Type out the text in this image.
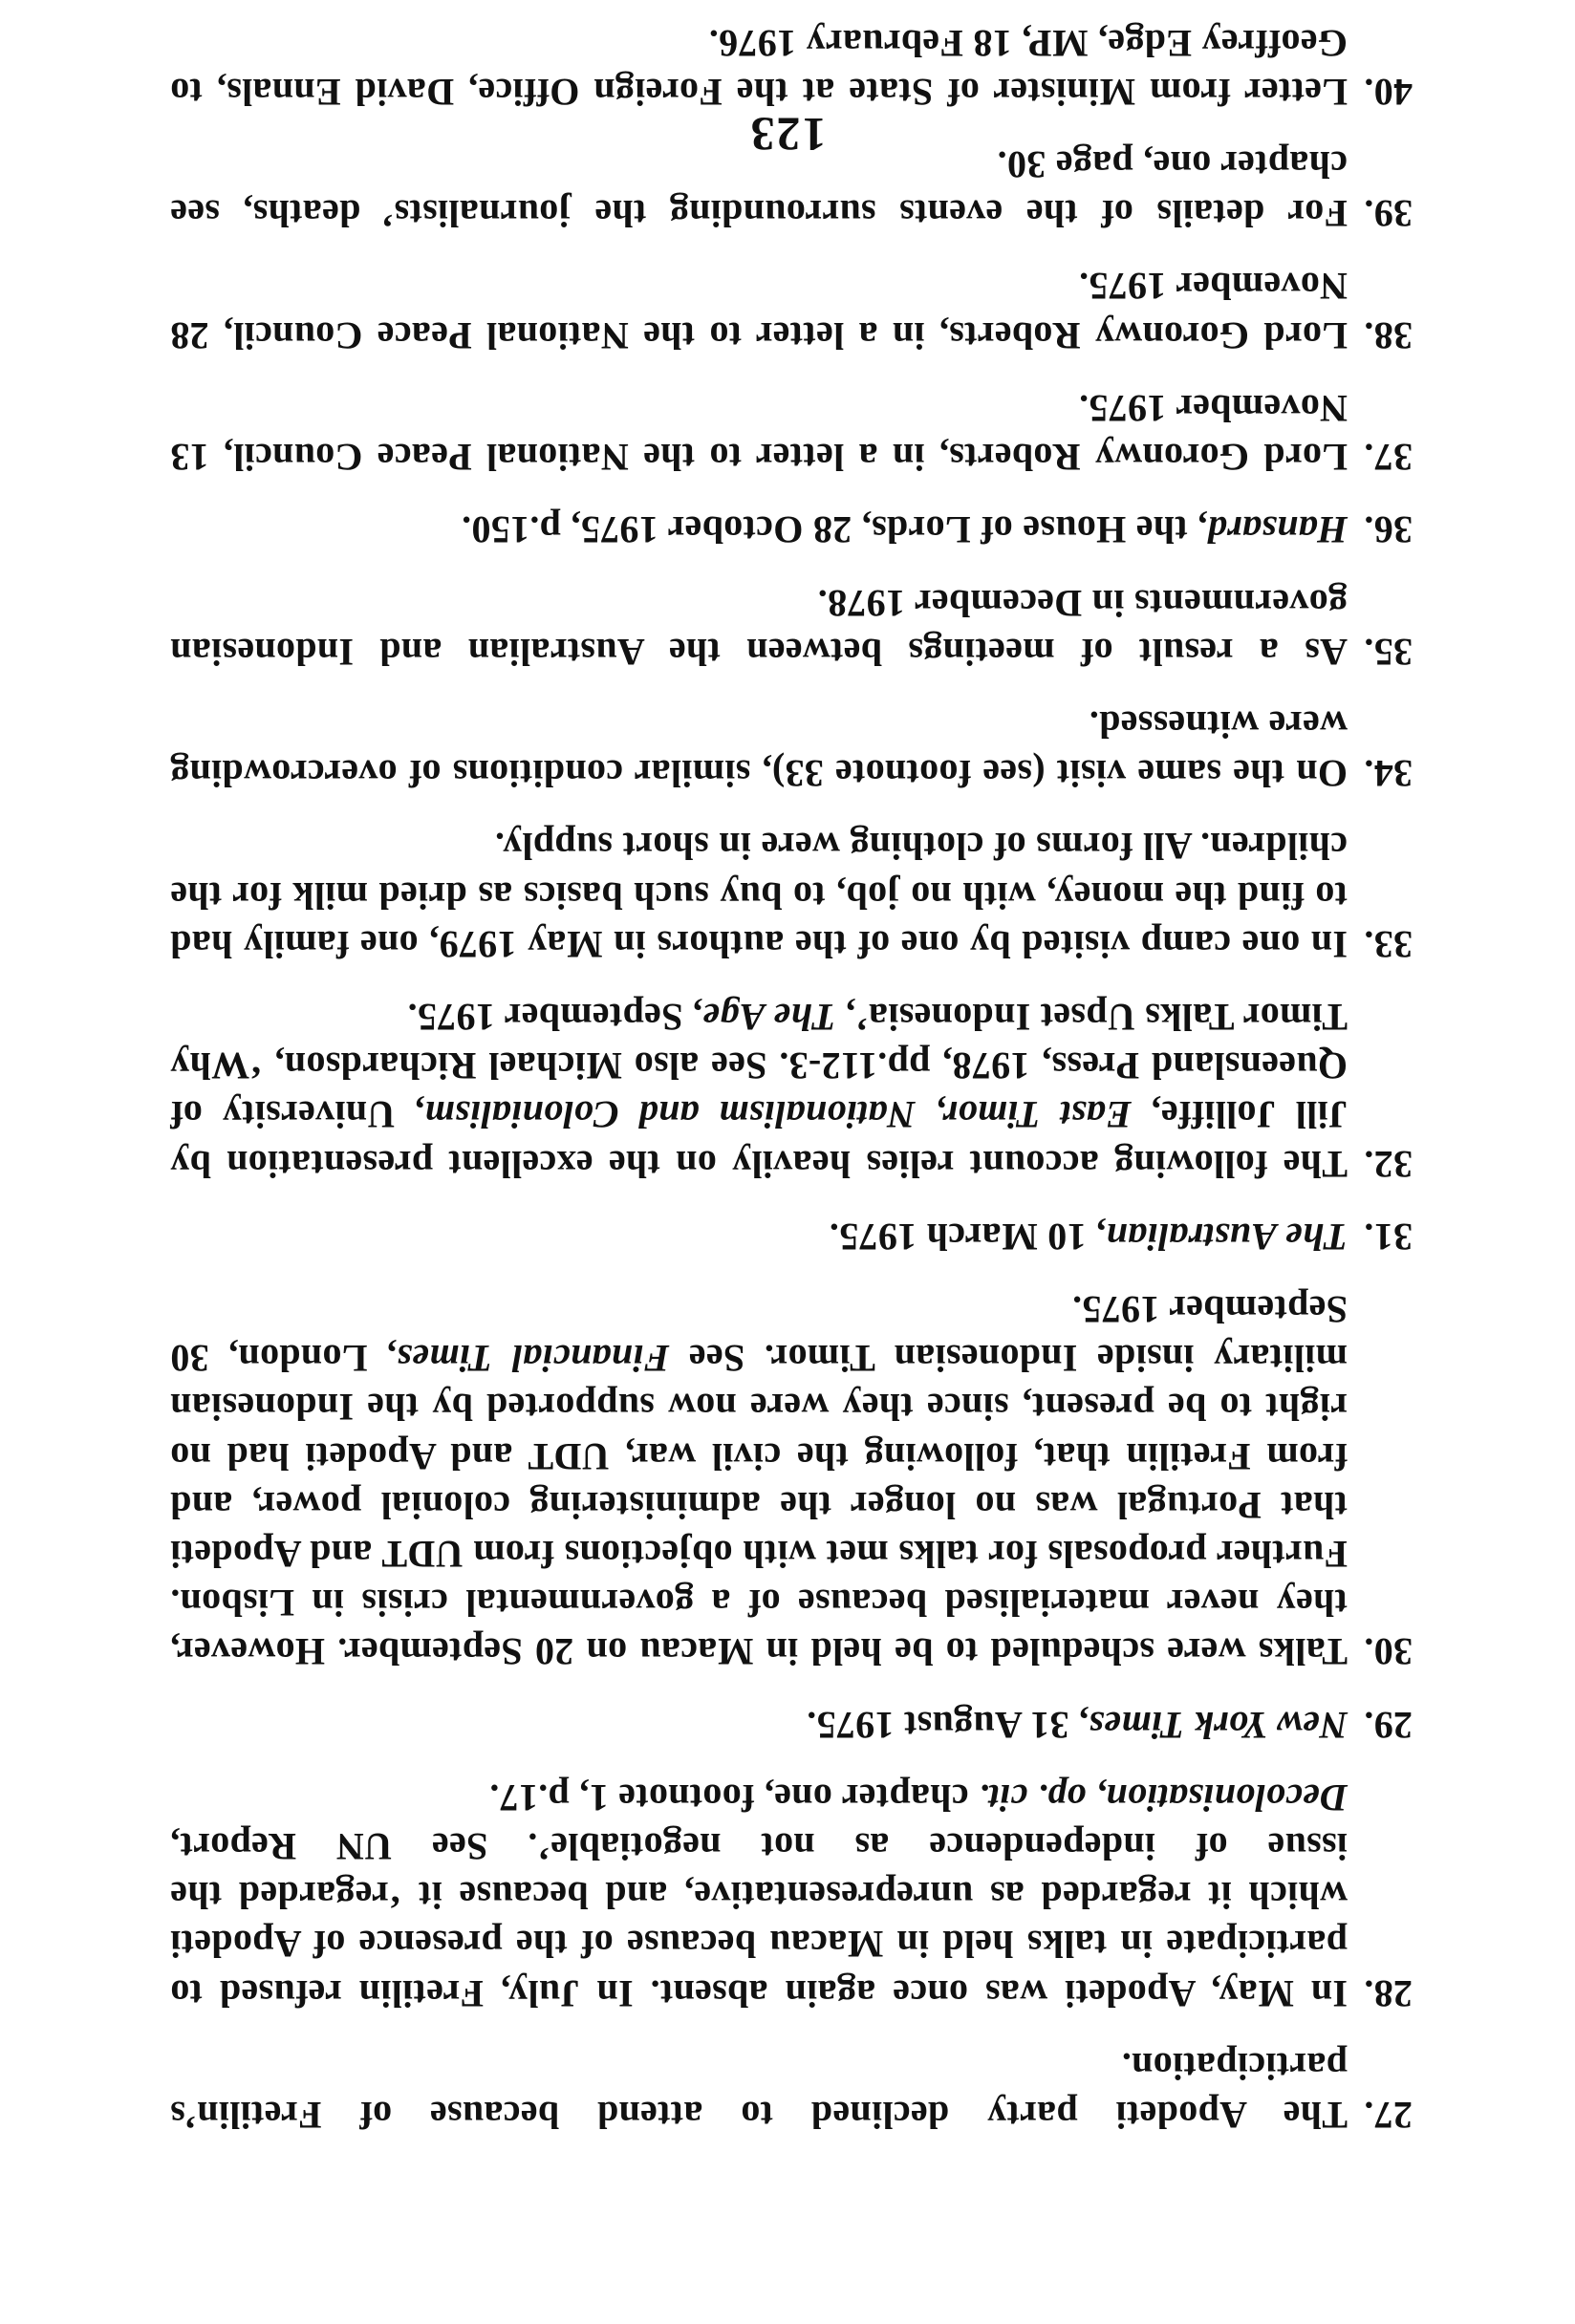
27.
The Apodeti party declined to attend because of Fretilin’s participation.
28.
In May, Apodeti was once again absent. In July, Fretilin refused to participate in talks held in Macau because of the presence of Apodeti which it regarded as unrepresentative, and because it ‘regarded the issue of independence as not negotiable’. See UN Report, Decolonisation, op. cit. chapter one, footnote 1, p.17.
29.
New York Times, 31 August 1975.
30.
Talks were scheduled to be held in Macau on 20 September. However, they never materialised because of a governmental crisis in Lisbon. Further proposals for talks met with objections from UDT and Apodeti that Portugal was no longer the administering colonial power, and from Fretilin that, following the civil war, UDT and Apodeti had no right to be present, since they were now supported by the Indonesian military inside Indonesian Timor. See Financial Times, London, 30 September 1975.
31.
The Australian, 10 March 1975.
32.
The following account relies heavily on the excellent presentation by Jill Jolliffe, East Timor, Nationalism and Colonialism, University of Queensland Press, 1978, pp.112-3. See also Michael Richardson, ‘Why Timor Talks Upset Indonesia’, The Age, September 1975.
33.
In one camp visited by one of the authors in May 1979, one family had to find the money, with no job, to buy such basics as dried milk for the children. All forms of clothing were in short supply.
34.
On the same visit (see footnote 33), similar conditions of overcrowding were witnessed.
35.
As a result of meetings between the Australian and Indonesian governments in December 1978.
36.
Hansard, the House of Lords, 28 October 1975, p.150.
37.
Lord Goronwy Roberts, in a letter to the National Peace Council, 13 November 1975.
38.
Lord Goronwy Roberts, in a letter to the National Peace Council, 28 November 1975.
39.
For details of the events surrounding the journalists’ deaths, see chapter one, page 30.
40.
Letter from Minister of State at the Foreign Office, David Ennals, to Geoffrey Edge, MP, 18 February 1976.
123
